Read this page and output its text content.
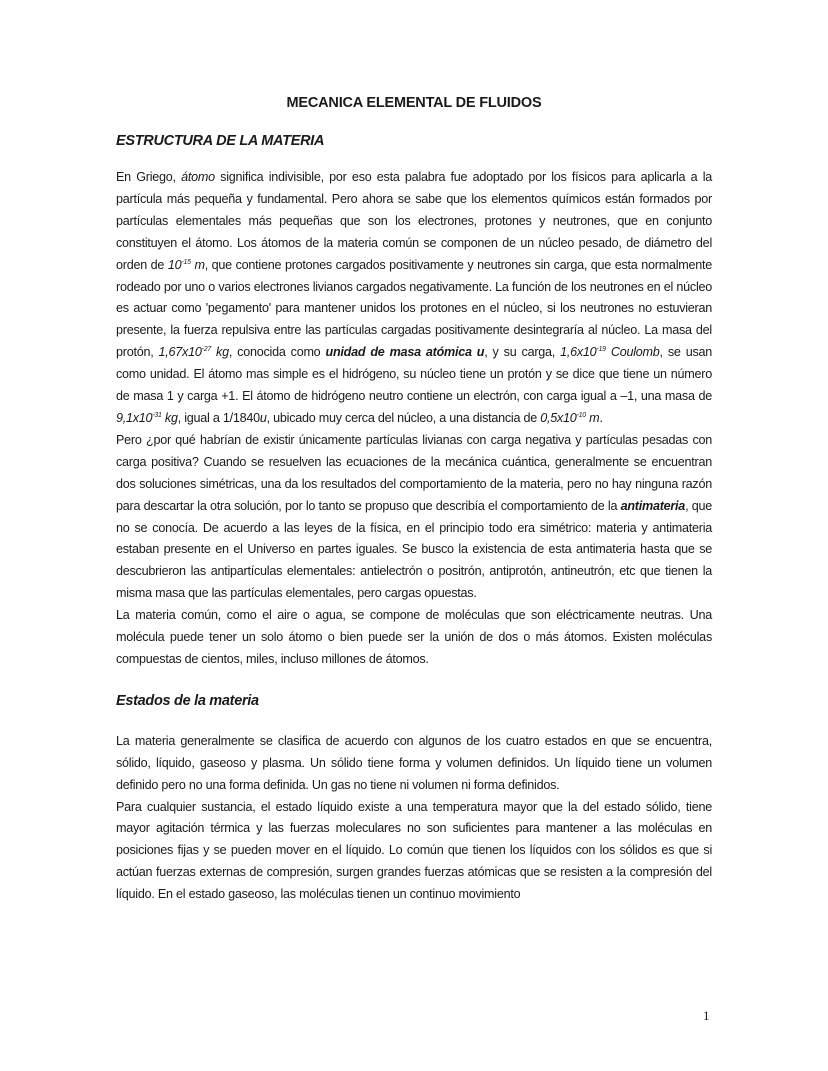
MECANICA ELEMENTAL DE FLUIDOS
ESTRUCTURA DE LA MATERIA

En Griego, átomo significa indivisible, por eso esta palabra fue adoptado por los físicos para aplicarla a la partícula más pequeña y fundamental. Pero ahora se sabe que los elementos químicos están formados por partículas elementales más pequeñas que son los electrones, protones y neutrones, que en conjunto constituyen el átomo. Los átomos de la materia común se componen de un núcleo pesado, de diámetro del orden de $10^{-15}$ m, que contiene protones cargados positivamente y neutrones sin carga, que esta normalmente rodeado por uno o varios electrones livianos cargados negativamente. La función de los neutrones en el núcleo es actuar como 'pegamento' para mantener unidos los protones en el núcleo, si los neutrones no estuvieran presente, la fuerza repulsiva entre las partículas cargadas positivamente desintegraría al núcleo. La masa del protón, $1,67x10^{-27}$ kg, conocida como unidad de masa atómica u, y su carga, $1,6x10^{-19}$ Coulomb, se usan como unidad. El átomo mas simple es el hidrógeno, su núcleo tiene un protón y se dice que tiene un número de masa 1 y carga +1. El átomo de hidrógeno neutro contiene un electrón, con carga igual a –1, una masa de $9,1x10^{-31}$ kg, igual a 1/1840u, ubicado muy cerca del núcleo, a una distancia de $0,5x10^{-10}$ m.

Pero ¿por qué habrían de existir únicamente partículas livianas con carga negativa y partículas pesadas con carga positiva? Cuando se resuelven las ecuaciones de la mecánica cuántica, generalmente se encuentran dos soluciones simétricas, una da los resultados del comportamiento de la materia, pero no hay ninguna razón para descartar la otra solución, por lo tanto se propuso que describía el comportamiento de la antimateria, que no se conocía. De acuerdo a las leyes de la física, en el principio todo era simétrico: materia y antimateria estaban presente en el Universo en partes iguales. Se busco la existencia de esta antimateria hasta que se descubrieron las antipartículas elementales: antielectrón o positrón, antiprotón, antineutrón, etc que tienen la misma masa que las partículas elementales, pero cargas opuestas.

La materia común, como el aire o agua, se compone de moléculas que son eléctricamente neutras. Una molécula puede tener un solo átomo o bien puede ser la unión de dos o más átomos. Existen moléculas compuestas de cientos, miles, incluso millones de átomos.

Estados de la materia

La materia generalmente se clasifica de acuerdo con algunos de los cuatro estados en que se encuentra, sólido, líquido, gaseoso y plasma. Un sólido tiene forma y volumen definidos. Un líquido tiene un volumen definido pero no una forma definida. Un gas no tiene ni volumen ni forma definidos.

Para cualquier sustancia, el estado líquido existe a una temperatura mayor que la del estado sólido, tiene mayor agitación térmica y las fuerzas moleculares no son suficientes para mantener a las moléculas en posiciones fijas y se pueden mover en el líquido. Lo común que tienen los líquidos con los sólidos es que si actúan fuerzas externas de compresión, surgen grandes fuerzas atómicas que se resisten a la compresión del líquido. En el estado gaseoso, las moléculas tienen un continuo movimiento

1
